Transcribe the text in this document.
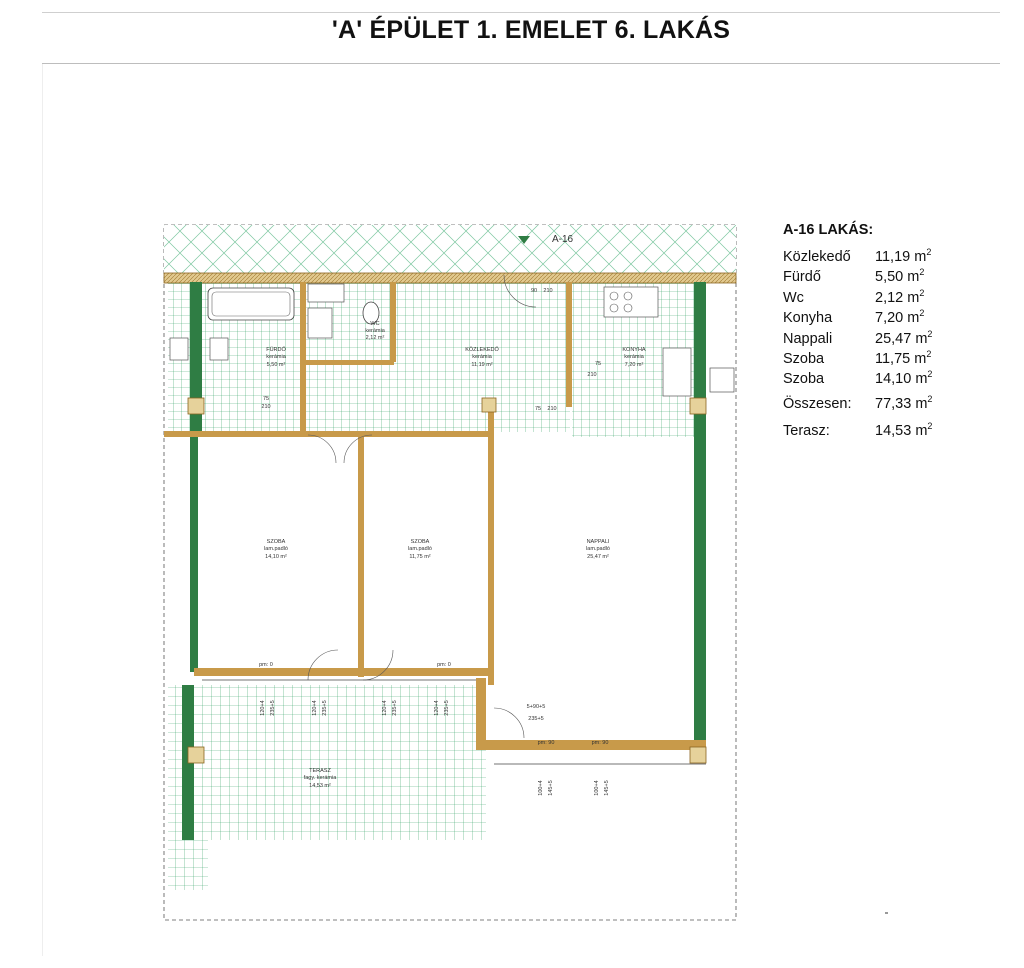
'A' ÉPÜLET 1. EMELET 6. LAKÁS
A-16
FÜRDŐ
kerámia
5,50 m²
WC
kerámia
2,12 m²
KÖZLEKEDŐ
kerámia
11,19 m²
KONYHA
kerámia
7,20 m²
SZOBA
lam.padló
14,10 m²
SZOBA
lam.padló
11,75 m²
NAPPALI
lam.padló
25,47 m²
TERASZ
fagy. kerámia
14,53 m²
75
210
75
210
75 210
90 210
pm: 0	pm: 0
pm: 90	pm: 90
5+90+5
235+5
100+4 145+5	100+4 145+5
120+4 235+5	120+4 235+5	120+4 235+5	120+4 235+5
A-16 LAKÁS:
Közlekedő	11,19 $m^2$
Fürdő	5,50 $m^2$
Wc	2,12 $m^2$
Konyha	7,20 $m^2$
Nappali	25,47 $m^2$
Szoba	11,75 $m^2$
Szoba	14,10 $m^2$
Összesen:	77,33 $m^2$
Terasz:	14,53 $m^2$
